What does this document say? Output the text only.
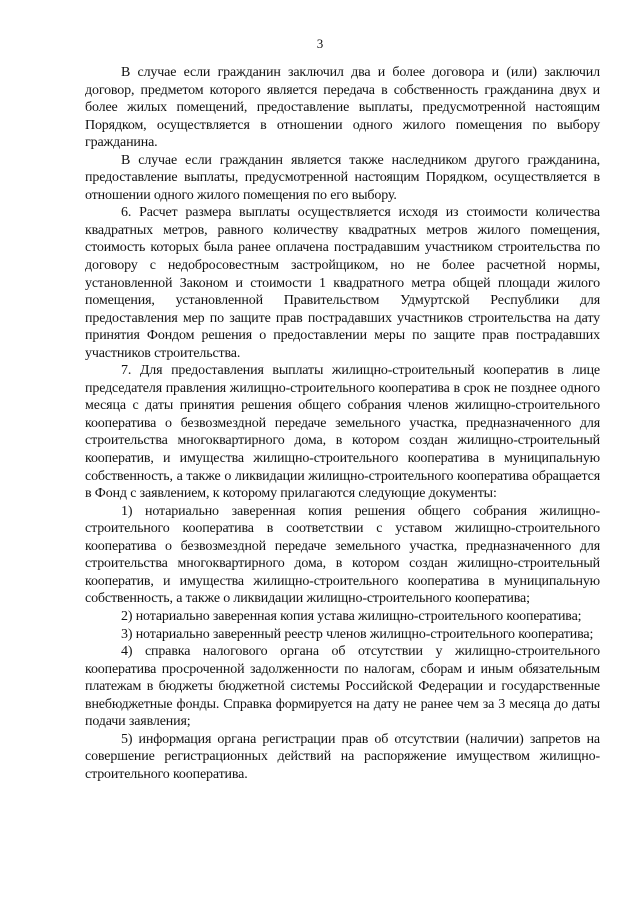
3

В случае если гражданин заключил два и более договора и (или) заключил договор, предметом которого является передача в собственность гражданина двух и более жилых помещений, предоставление выплаты, предусмотренной настоящим Порядком, осуществляется в отношении одного жилого помещения по выбору гражданина.

В случае если гражданин является также наследником другого гражданина, предоставление выплаты, предусмотренной настоящим Порядком, осуществляется в отношении одного жилого помещения по его выбору.

6. Расчет размера выплаты осуществляется исходя из стоимости количества квадратных метров, равного количеству квадратных метров жилого помещения, стоимость которых была ранее оплачена пострадавшим участником строительства по договору с недобросовестным застройщиком, но не более расчетной нормы, установленной Законом и стоимости 1 квадратного метра общей площади жилого помещения, установленной Правительством Удмуртской Республики для предоставления мер по защите прав пострадавших участников строительства на дату принятия Фондом решения о предоставлении меры по защите прав пострадавших участников строительства.

7. Для предоставления выплаты жилищно-строительный кооператив в лице председателя правления жилищно-строительного кооператива в срок не позднее одного месяца с даты принятия решения общего собрания членов жилищно-строительного кооператива о безвозмездной передаче земельного участка, предназначенного для строительства многоквартирного дома, в котором создан жилищно-строительный кооператив, и имущества жилищно-строительного кооператива в муниципальную собственность, а также о ликвидации жилищно-строительного кооператива обращается в Фонд с заявлением, к которому прилагаются следующие документы:

1) нотариально заверенная копия решения общего собрания жилищно-строительного кооператива в соответствии с уставом жилищно-строительного кооператива о безвозмездной передаче земельного участка, предназначенного для строительства многоквартирного дома, в котором создан жилищно-строительный кооператив, и имущества жилищно-строительного кооператива в муниципальную собственность, а также о ликвидации жилищно-строительного кооператива;

2) нотариально заверенная копия устава жилищно-строительного кооператива;

3) нотариально заверенный реестр членов жилищно-строительного кооператива;

4) справка налогового органа об отсутствии у жилищно-строительного кооператива просроченной задолженности по налогам, сборам и иным обязательным платежам в бюджеты бюджетной системы Российской Федерации и государственные внебюджетные фонды. Справка формируется на дату не ранее чем за 3 месяца до даты подачи заявления;

5) информация органа регистрации прав об отсутствии (наличии) запретов на совершение регистрационных действий на распоряжение имуществом жилищно-строительного кооператива.
